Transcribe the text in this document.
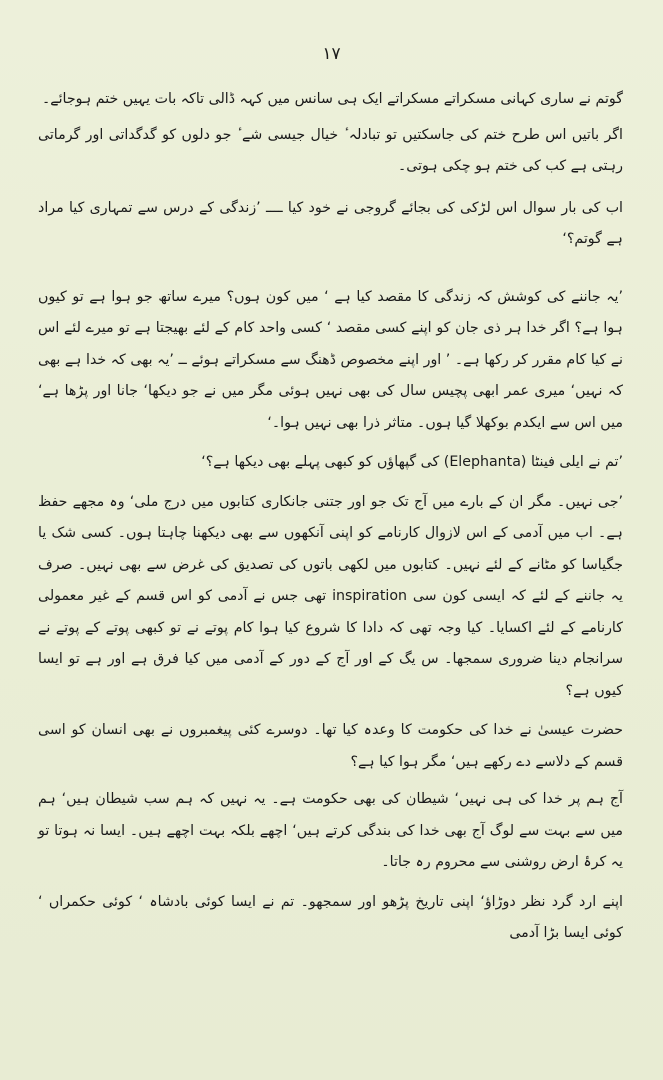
۱۷

گوتم نے ساری کہانی مسکراتے مسکراتے ایک ہی سانس میں کہہ ڈالی تاکہ بات یہیں ختم ہوجائے۔

اگر باتیں اس طرح ختم کی جاسکتیں تو تبادلہ ٔ خیال جیسی شے ٔ جو دلوں کو گدگداتی اور گرماتی رہتی ہے کب کی ختم ہو چکی ہوتی۔

اب کی بار سوال اس لڑکی کی بجائے گروجی نے خود کیا ــــ ’زندگی کے درس سے تمہاری کیا مراد ہے گوتم؟‘

’یہ جاننے کی کوشش کہ زندگی کا مقصد کیا ہے ‘ میں کون ہوں؟ میرے ساتھ جو ہوا ہے تو کیوں ہوا ہے؟ اگر خدا ہر ذی جان کو اپنے کسی مقصد ‘ کسی واحد کام کے لئے بھیجتا ہے تو میرے لئے اس نے کیا کام مقرر کر رکھا ہے۔ ’ اور اپنے مخصوص ڈھنگ سے مسکراتے ہوئے ــ ’یہ بھی کہ خدا ہے بھی کہ نہیں‘ میری عمر ابھی پچیس سال کی بھی نہیں ہوئی مگر میں نے جو دیکھا‘ جانا اور پڑھا ہے‘ میں اس سے ایکدم بوکھلا گیا ہوں۔ متاثر ذرا بھی نہیں ہوا۔‘

’تم نے ایلی فینٹا (Elephanta) کی گپھاؤں کو کبھی پہلے بھی دیکھا ہے؟‘

’جی نہیں۔ مگر ان کے بارے میں آج تک جو اور جتنی جانکاری کتابوں میں درج ملی‘ وہ مجھے حفظ ہے۔ اب میں آدمی کے اس لازوال کارنامے کو اپنی آنکھوں سے بھی دیکھنا چاہتا ہوں۔ کسی شک یا جگیاسا کو مٹانے کے لئے نہیں۔ کتابوں میں لکھی باتوں کی تصدیق کی غرض سے بھی نہیں۔ صرف یہ جاننے کے لئے کہ ایسی کون سی inspiration تھی جس نے آدمی کو اس قسم کے غیر معمولی کارنامے کے لئے اکسایا۔ کیا وجہ تھی کہ دادا کا شروع کیا ہوا کام پوتے نے تو کبھی پوتے کے پوتے نے سرانجام دینا ضروری سمجھا۔ س یگ کے اور آج کے دور کے آدمی میں کیا فرق ہے اور ہے تو ایسا کیوں ہے؟

حضرت عیسیٰ نے خدا کی حکومت کا وعدہ کیا تھا۔ دوسرے کئی پیغمبروں نے بھی انسان کو اسی قسم کے دلاسے دے رکھے ہیں‘ مگر ہوا کیا ہے؟

آج ہم پر خدا کی ہی نہیں‘ شیطان کی بھی حکومت ہے۔ یہ نہیں کہ ہم سب شیطان ہیں‘ ہم میں سے بہت سے لوگ آج بھی خدا کی بندگی کرتے ہیں‘ اچھے بلکہ بہت اچھے ہیں۔ ایسا نہ ہوتا تو یہ کرۂ ارض روشنی سے محروم رہ جاتا۔

اپنے ارد گرد نظر دوڑاؤ‘ اپنی تاریخ پڑھو اور سمجھو۔ تم نے ایسا کوئی بادشاہ ‘ کوئی حکمراں ‘ کوئی ایسا بڑا آدمی
